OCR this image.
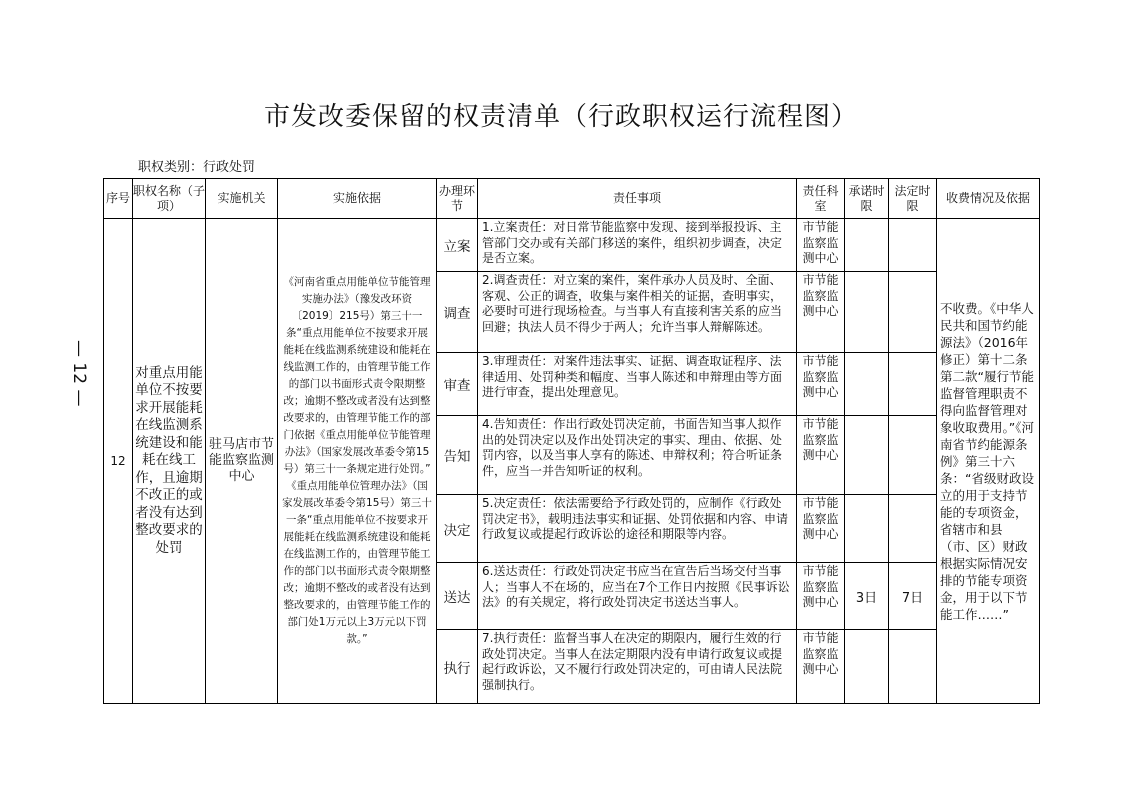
市发改委保留的权责清单（行政职权运行流程图）
职权类别：行政处罚
— 12 —
序号	职权名称（子项）	实施机关	实施依据	办理环节	责任事项	责任科室	承诺时限	法定时限	收费情况及依据
12	对重点用能单位不按要求开展能耗在线监测系统建设和能耗在线工作，且逾期不改正的或者没有达到整改要求的处罚	驻马店市节能监察监测中心	《河南省重点用能单位节能管理实施办法》（豫发改环资〔2019〕215号）第三十一条“重点用能单位不按要求开展能耗在线监测系统建设和能耗在线监测工作的，由管理节能工作的部门以书面形式责令限期整改；逾期不整改或者没有达到整改要求的，由管理节能工作的部门依据《重点用能单位节能管理办法》（国家发展改革委令第15号）第三十一条规定进行处罚。”
《重点用能单位管理办法》（国家发展改革委令第15号）第三十一条“重点用能单位不按要求开展能耗在线监测系统建设和能耗在线监测工作的，由管理节能工作的部门以书面形式责令限期整改；逾期不整改的或者没有达到整改要求的，由管理节能工作的部门处1万元以上3万元以下罚款。”	立案	1.立案责任：对日常节能监察中发现、接到举报投诉、主管部门交办或有关部门移送的案件，组织初步调查，决定是否立案。	市节能监察监测中心			不收费。《中华人民共和国节约能源法》（2016年修正）第十二条第二款“履行节能监督管理职责不得向监督管理对象收取费用。”《河南省节约能源条例》第三十六条：“省级财政设立的用于支持节能的专项资金，省辖市和县（市、区）财政根据实际情况安排的节能专项资金，用于以下节能工作……”
				调查	2.调查责任：对立案的案件，案件承办人员及时、全面、客观、公正的调查，收集与案件相关的证据，查明事实，必要时可进行现场检查。与当事人有直接利害关系的应当回避；执法人员不得少于两人；允许当事人辩解陈述。	市节能监察监测中心			
				审查	3.审理责任：对案件违法事实、证据、调查取证程序、法律适用、处罚种类和幅度、当事人陈述和申辩理由等方面进行审查，提出处理意见。	市节能监察监测中心			
				告知	4.告知责任：作出行政处罚决定前，书面告知当事人拟作出的处罚决定以及作出处罚决定的事实、理由、依据、处罚内容，以及当事人享有的陈述、申辩权利；符合听证条件，应当一并告知听证的权利。	市节能监察监测中心			
				决定	5.决定责任：依法需要给予行政处罚的，应制作《行政处罚决定书》，载明违法事实和证据、处罚依据和内容、申请行政复议或提起行政诉讼的途径和期限等内容。	市节能监察监测中心			
				送达	6.送达责任：行政处罚决定书应当在宣告后当场交付当事人；当事人不在场的，应当在7个工作日内按照《民事诉讼法》的有关规定，将行政处罚决定书送达当事人。	市节能监察监测中心	3日	7日	
				执行	7.执行责任：监督当事人在决定的期限内，履行生效的行政处罚决定。当事人在法定期限内没有申请行政复议或提起行政诉讼，又不履行行政处罚决定的，可由请人民法院强制执行。	市节能监察监测中心			
